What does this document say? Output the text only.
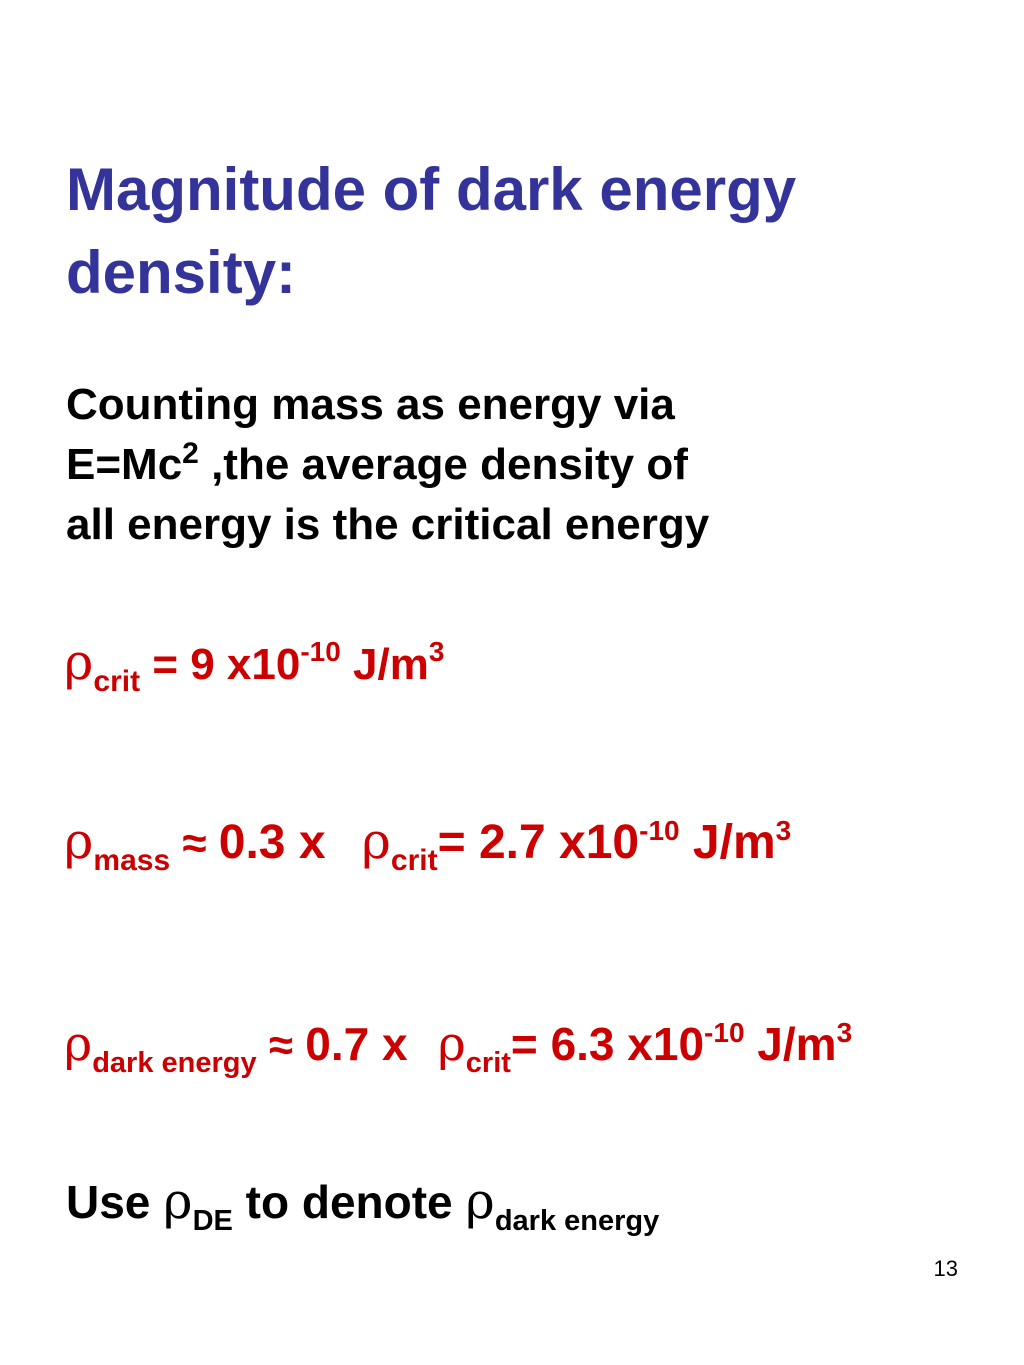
Magnitude of dark energy
density:
Counting mass as energy via
$E=Mc^2$ ,the average density of
all energy is the critical energy
$\rho_{crit} = 9$ $x10^{-10}$ $J/m^3$
$\rho_{mass} \approx 0.3$ x $\rho_{crit}= 2.7$ $x10^{-10}$ $J/m^3$
$\rho_{dark energy} \approx 0.7$ x $\rho_{crit}= 6.3$ $x10^{-10}$ $J/m^3$
Use $\rho_{DE}$ to denote $\rho_{dark energy}$
13
